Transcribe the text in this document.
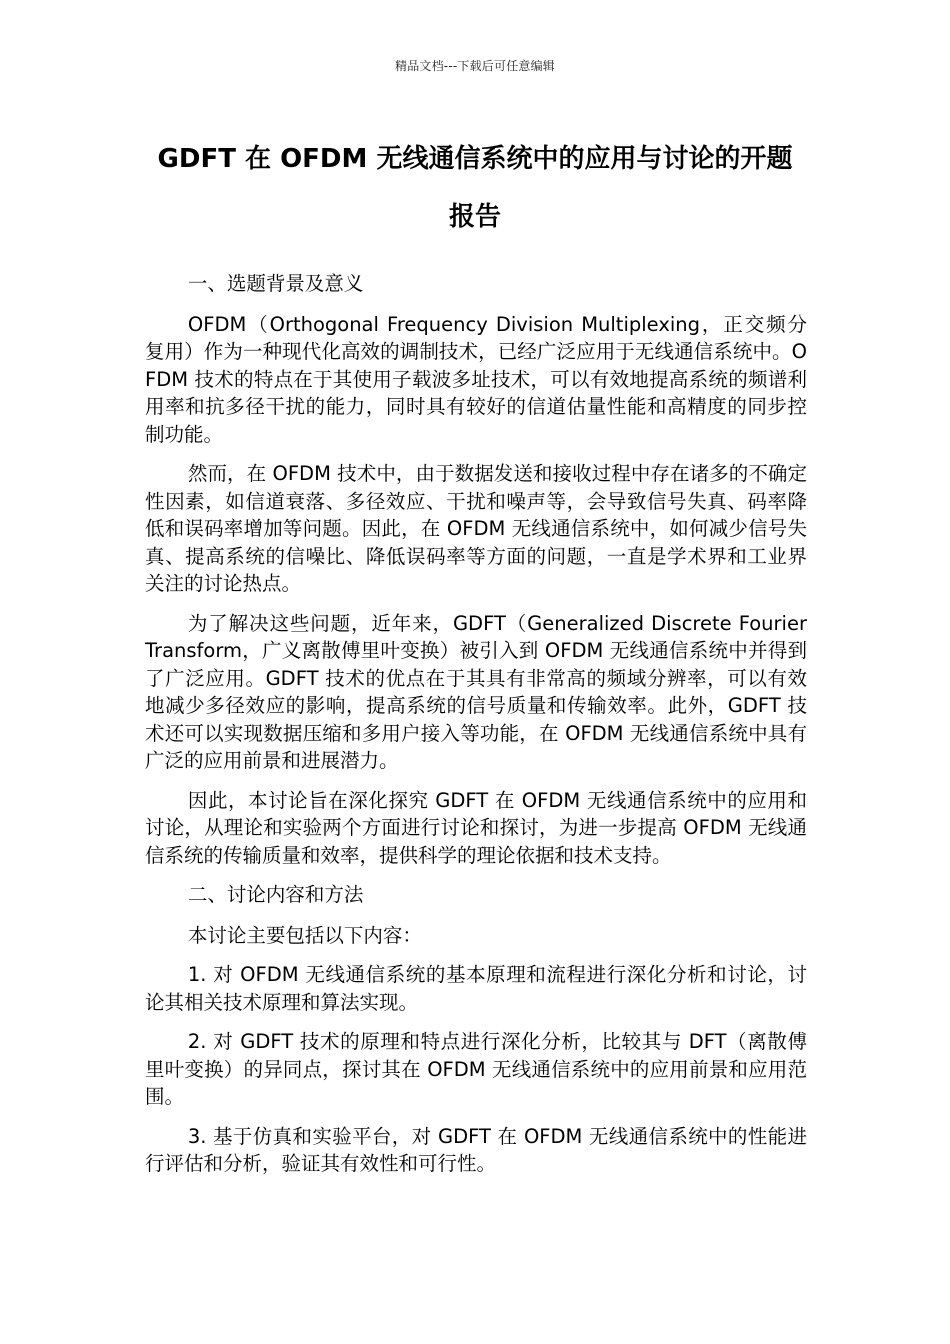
精品文档---下载后可任意编辑
GDFT 在 OFDM 无线通信系统中的应用与讨论的开题报告

一、选题背景及意义

OFDM（Orthogonal Frequency Division Multiplexing，正交频分复用）作为一种现代化高效的调制技术，已经广泛应用于无线通信系统中。OFDM 技术的特点在于其使用子载波多址技术，可以有效地提高系统的频谱利用率和抗多径干扰的能力，同时具有较好的信道估量性能和高精度的同步控制功能。

然而，在 OFDM 技术中，由于数据发送和接收过程中存在诸多的不确定性因素，如信道衰落、多径效应、干扰和噪声等，会导致信号失真、码率降低和误码率增加等问题。因此，在 OFDM 无线通信系统中，如何减少信号失真、提高系统的信噪比、降低误码率等方面的问题，一直是学术界和工业界关注的讨论热点。

为了解决这些问题，近年来，GDFT（Generalized Discrete Fourier Transform，广义离散傅里叶变换）被引入到 OFDM 无线通信系统中并得到了广泛应用。GDFT 技术的优点在于其具有非常高的频域分辨率，可以有效地减少多径效应的影响，提高系统的信号质量和传输效率。此外，GDFT 技术还可以实现数据压缩和多用户接入等功能，在 OFDM 无线通信系统中具有广泛的应用前景和进展潜力。

因此，本讨论旨在深化探究 GDFT 在 OFDM 无线通信系统中的应用和讨论，从理论和实验两个方面进行讨论和探讨，为进一步提高 OFDM 无线通信系统的传输质量和效率，提供科学的理论依据和技术支持。

二、讨论内容和方法

本讨论主要包括以下内容：

1. 对 OFDM 无线通信系统的基本原理和流程进行深化分析和讨论，讨论其相关技术原理和算法实现。

2. 对 GDFT 技术的原理和特点进行深化分析，比较其与 DFT（离散傅里叶变换）的异同点，探讨其在 OFDM 无线通信系统中的应用前景和应用范围。

3. 基于仿真和实验平台，对 GDFT 在 OFDM 无线通信系统中的性能进行评估和分析，验证其有效性和可行性。
